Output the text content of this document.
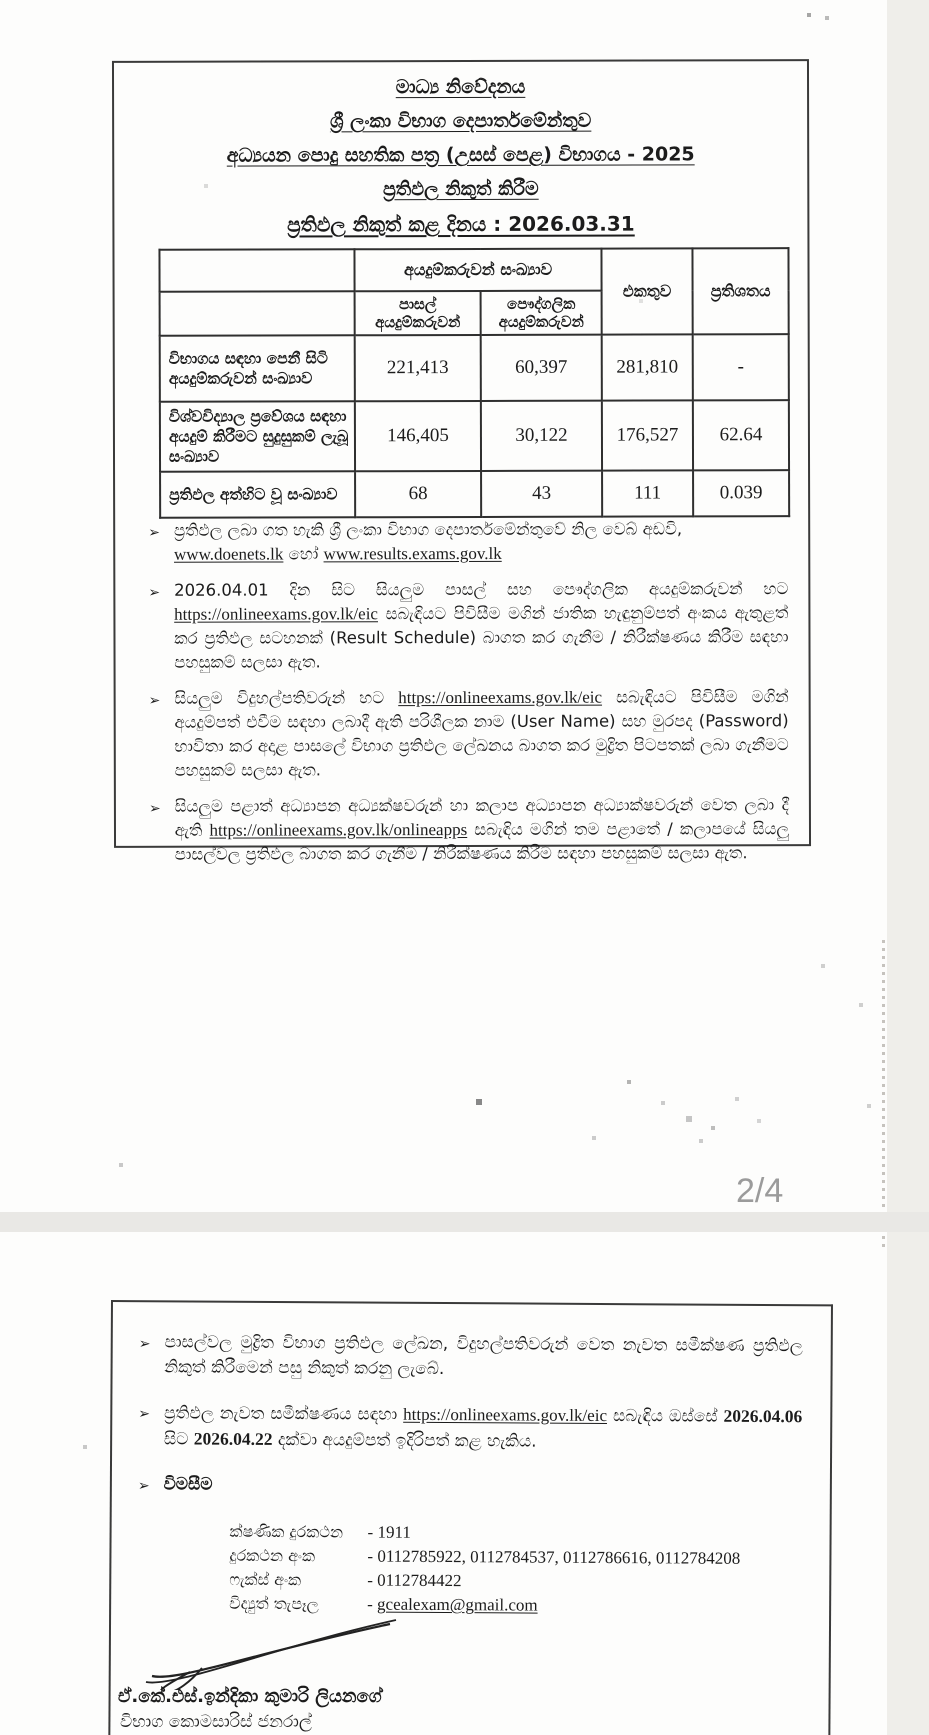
2/4
මාධ්‍ය නිවේදනය
ශ්‍රී ලංකා විභාග දෙපාර්තමේන්තුව
අධ්‍යයන පොදු සහතික පත්‍ර (උසස් පෙළ) විභාගය - 2025
ප්‍රතිඵල නිකුත් කිරීම
ප්‍රතිඵල නිකුත් කළ දිනය : 2026.03.31
	අයදුම්කරුවන් සංඛ්‍යාව		එකතුව	ප්‍රතිශතය
	පාසල් අයදුම්කරුවන්	පෞද්ගලික අයදුම්කරුවන්		
විභාගය සඳහා පෙනී සිටි අයදුම්කරුවන් සංඛ්‍යාව	221,413	60,397	281,810	-
විශ්වවිද්‍යාල ප්‍රවේශය සඳහා අයදුම් කිරීමට සුදුසුකම් ලැබූ සංඛ්‍යාව	146,405	30,122	176,527	62.64
ප්‍රතිඵල අත්හිට වූ සංඛ්‍යාව	68	43	111	0.039
➢ ප්‍රතිඵල ලබා ගත හැකි ශ්‍රී ලංකා විභාග දෙපාර්තමේන්තුවේ නිල වෙබ් අඩවි,
www.doenets.lk හෝ www.results.exams.gov.lk
➢ 2026.04.01 දින සිට සියලුම පාසල් සහ පෞද්ගලික අයදුම්කරුවන් හට https://onlineexams.gov.lk/eic සබැඳියට පිවිසීම මගින් ජාතික හැඳුනුම්පත් අංකය ඇතුළත් කර ප්‍රතිඵල සටහනක් (Result Schedule) බාගත කර ගැනීම / නිරීක්ෂණය කිරීම සඳහා පහසුකම් සලසා ඇත.
➢ සියලුම විදුහල්පතිවරුන් හට https://onlineexams.gov.lk/eic සබැඳියට පිවිසීම මගින් අයදුම්පත් එවීම සඳහා ලබාදී ඇති පරිශීලක නාම (User Name) සහ මුරපද (Password) භාවිතා කර අදාළ පාසලේ විභාග ප්‍රතිඵල ලේඛනය බාගත කර මුද්‍රිත පිටපතක් ලබා ගැනීමට පහසුකම් සලසා ඇත.
➢ සියලුම පළාත් අධ්‍යාපන අධ්‍යක්ෂවරුන් හා කලාප අධ්‍යාපන අධ්‍යාක්ෂවරුන් වෙත ලබා දී ඇති https://onlineexams.gov.lk/onlineapps සබැඳිය මගින් තම පළාතේ / කලාපයේ සියලු පාසල්වල ප්‍රතිඵල බාගත කර ගැනීම / නිරීක්ෂණය කිරීම සඳහා පහසුකම් සලසා ඇත.
➢ පාසල්වල මුද්‍රිත විභාග ප්‍රතිඵල ලේඛන, විදුහල්පතිවරුන් වෙත නැවත සමීක්ෂණ ප්‍රතිඵල නිකුත් කිරීමෙන් පසු නිකුත් කරනු ලැබේ.
➢ ප්‍රතිඵල නැවත සමීක්ෂණය සඳහා https://onlineexams.gov.lk/eic සබැඳිය ඔස්සේ 2026.04.06 සිට 2026.04.22 දක්වා අයදුම්පත් ඉදිරිපත් කළ හැකිය.
➢ විමසීම
ක්ෂණික දුරකථන	- 1911
දුරකථන අංක	- 0112785922, 0112784537, 0112786616, 0112784208
ෆැක්ස් අංක	- 0112784422
විද්‍යුත් තැපෑල	- gcealexam@gmail.com
ඒ.කේ.එස්.ඉන්දිකා කුමාරි ලියනගේ
විභාග කොමසාරිස් ජනරාල්
